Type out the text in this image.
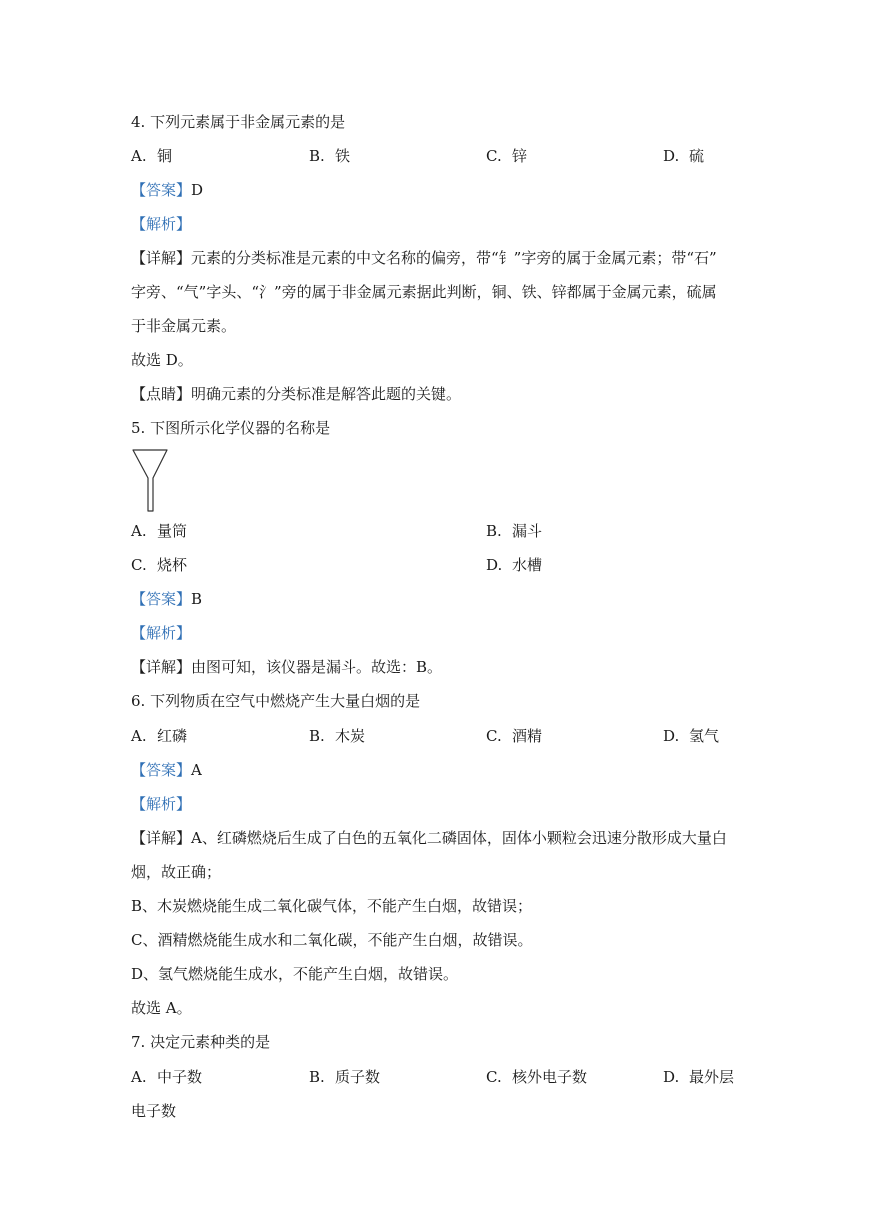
4. 下列元素属于非金属元素的是
A. 铜	B. 铁	C. 锌	D. 硫
【答案】D
【解析】
【详解】元素的分类标准是元素的中文名称的偏旁，带“钅”字旁的属于金属元素；带“石”
字旁、“气”字头、“氵”旁的属于非金属元素据此判断，铜、铁、锌都属于金属元素，硫属
于非金属元素。
故选 D。
【点睛】明确元素的分类标准是解答此题的关键。
5. 下图所示化学仪器的名称是
A. 量筒	B. 漏斗
C. 烧杯	D. 水槽
【答案】B
【解析】
【详解】由图可知，该仪器是漏斗。故选：B。
6. 下列物质在空气中燃烧产生大量白烟的是
A. 红磷	B. 木炭	C. 酒精	D. 氢气
【答案】A
【解析】
【详解】A、红磷燃烧后生成了白色的五氧化二磷固体，固体小颗粒会迅速分散形成大量白
烟，故正确；
B、木炭燃烧能生成二氧化碳气体，不能产生白烟，故错误；
C、酒精燃烧能生成水和二氧化碳，不能产生白烟，故错误。
D、氢气燃烧能生成水，不能产生白烟，故错误。
故选 A。
7. 决定元素种类的是
A. 中子数	B. 质子数	C. 核外电子数	D. 最外层
电子数
